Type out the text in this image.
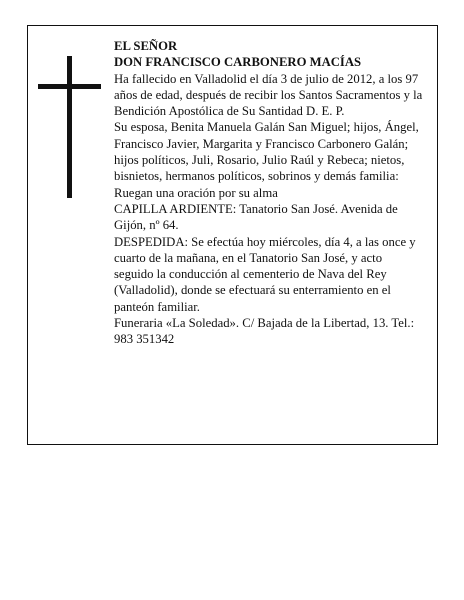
EL SEÑOR

DON FRANCISCO CARBONERO MACÍAS

Ha fallecido en Valladolid el día 3 de julio de 2012, a los 97 años de edad, después de recibir los Santos Sacramentos y la Bendición Apostólica de Su Santidad D. E. P.

Su esposa, Benita Manuela Galán San Miguel; hijos, Ángel, Francisco Javier, Margarita y Francisco Carbonero Galán; hijos políticos, Juli, Rosario, Julio Raúl y Rebeca; nietos, bisnietos, hermanos políticos, sobrinos y demás familia:

Ruegan una oración por su alma

CAPILLA ARDIENTE: Tanatorio San José. Avenida de Gijón, nº 64.

DESPEDIDA: Se efectúa hoy miércoles, día 4, a las once y cuarto de la mañana, en el Tanatorio San José, y acto seguido la conducción al cementerio de Nava del Rey (Valladolid), donde se efectuará su enterramiento en el panteón familiar.

Funeraria «La Soledad». C/ Bajada de la Libertad, 13. Tel.: 983 351342
